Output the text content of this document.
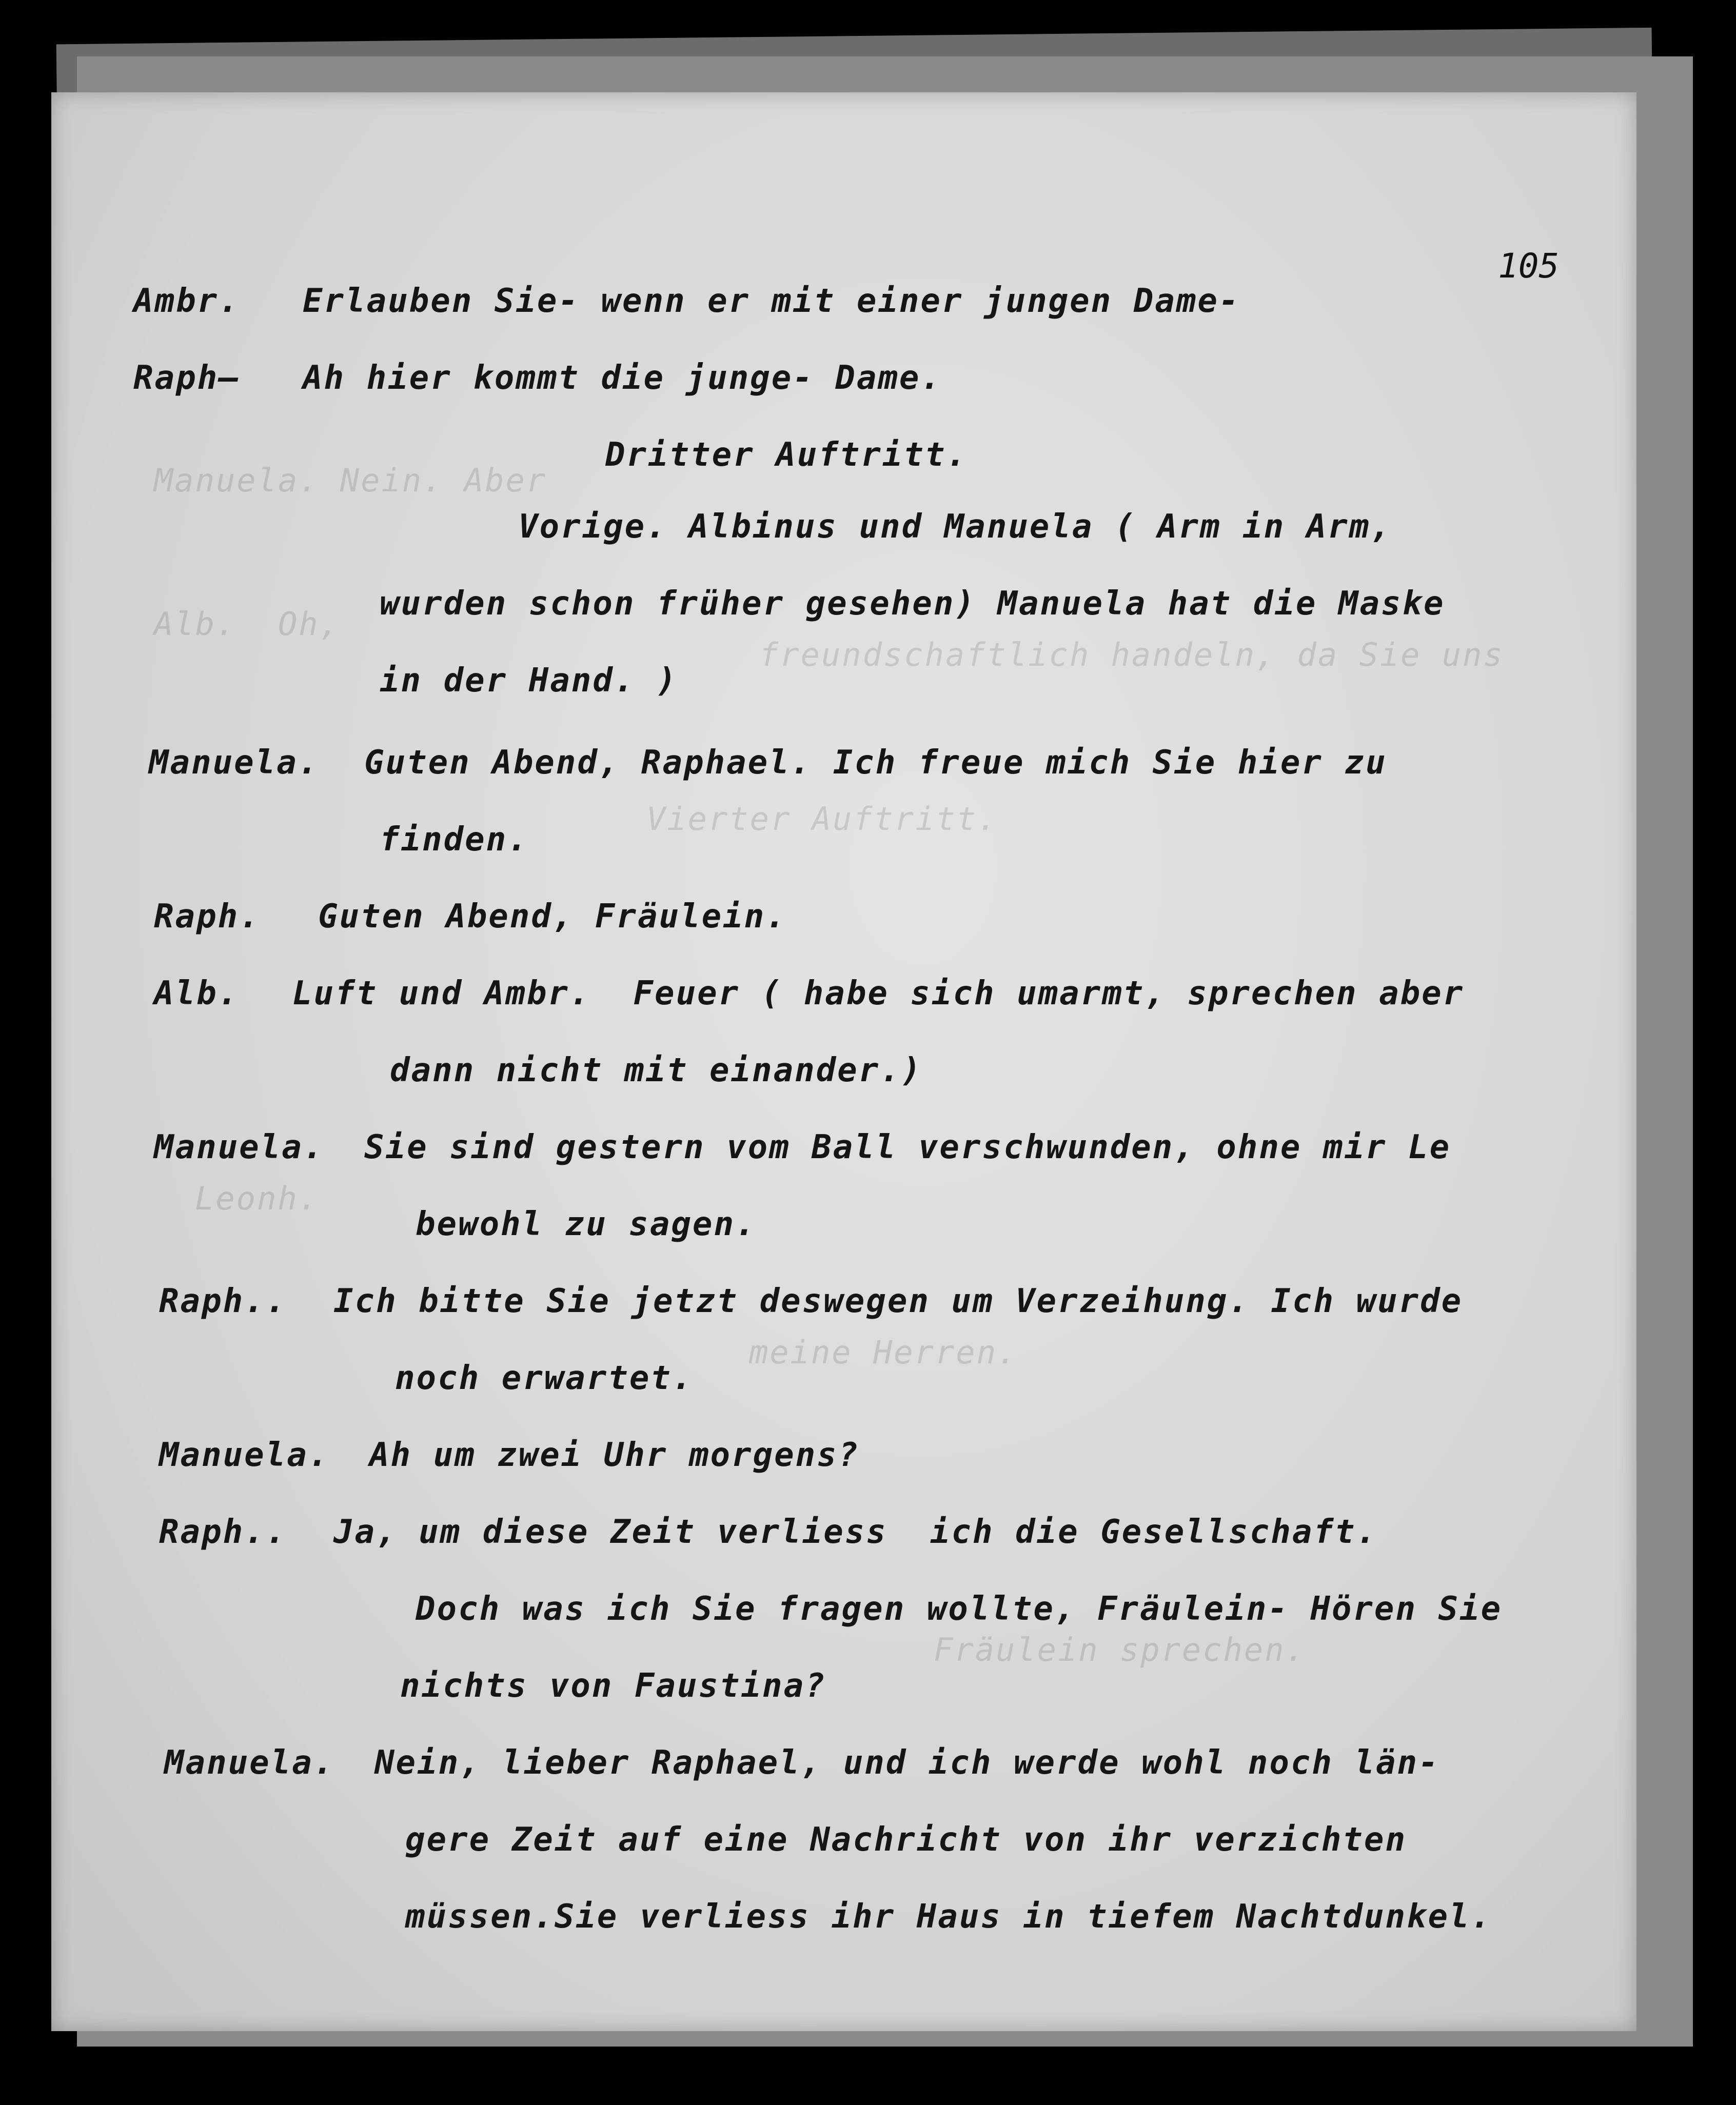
Manuela. Nein. Aber
Alb.  Oh,
freundschaftlich handeln, da Sie uns
Vierter Auftritt.
Leonh.
meine Herren.
Fräulein sprechen.
105
Ambr. Erlauben Sie- wenn er mit einer jungen Dame-
Raph— Ah hier kommt die junge- Dame.
Dritter Auftritt.
Vorige. Albinus und Manuela ( Arm in Arm,
wurden schon früher gesehen) Manuela hat die Maske
in der Hand. )
Manuela. Guten Abend, Raphael. Ich freue mich Sie hier zu
finden.
Raph. Guten Abend, Fräulein.
Alb. Luft und Ambr.  Feuer ( habe sich umarmt, sprechen aber
dann nicht mit einander.)
Manuela. Sie sind gestern vom Ball verschwunden, ohne mir Le
bewohl zu sagen.
Raph.. Ich bitte Sie jetzt deswegen um Verzeihung. Ich wurde
noch erwartet.
Manuela. Ah um zwei Uhr morgens?
Raph.. Ja, um diese Zeit verliess  ich die Gesellschaft.
Doch was ich Sie fragen wollte, Fräulein- Hören Sie
nichts von Faustina?
Manuela. Nein, lieber Raphael, und ich werde wohl noch län-
gere Zeit auf eine Nachricht von ihr verzichten
müssen.Sie verliess ihr Haus in tiefem Nachtdunkel.
